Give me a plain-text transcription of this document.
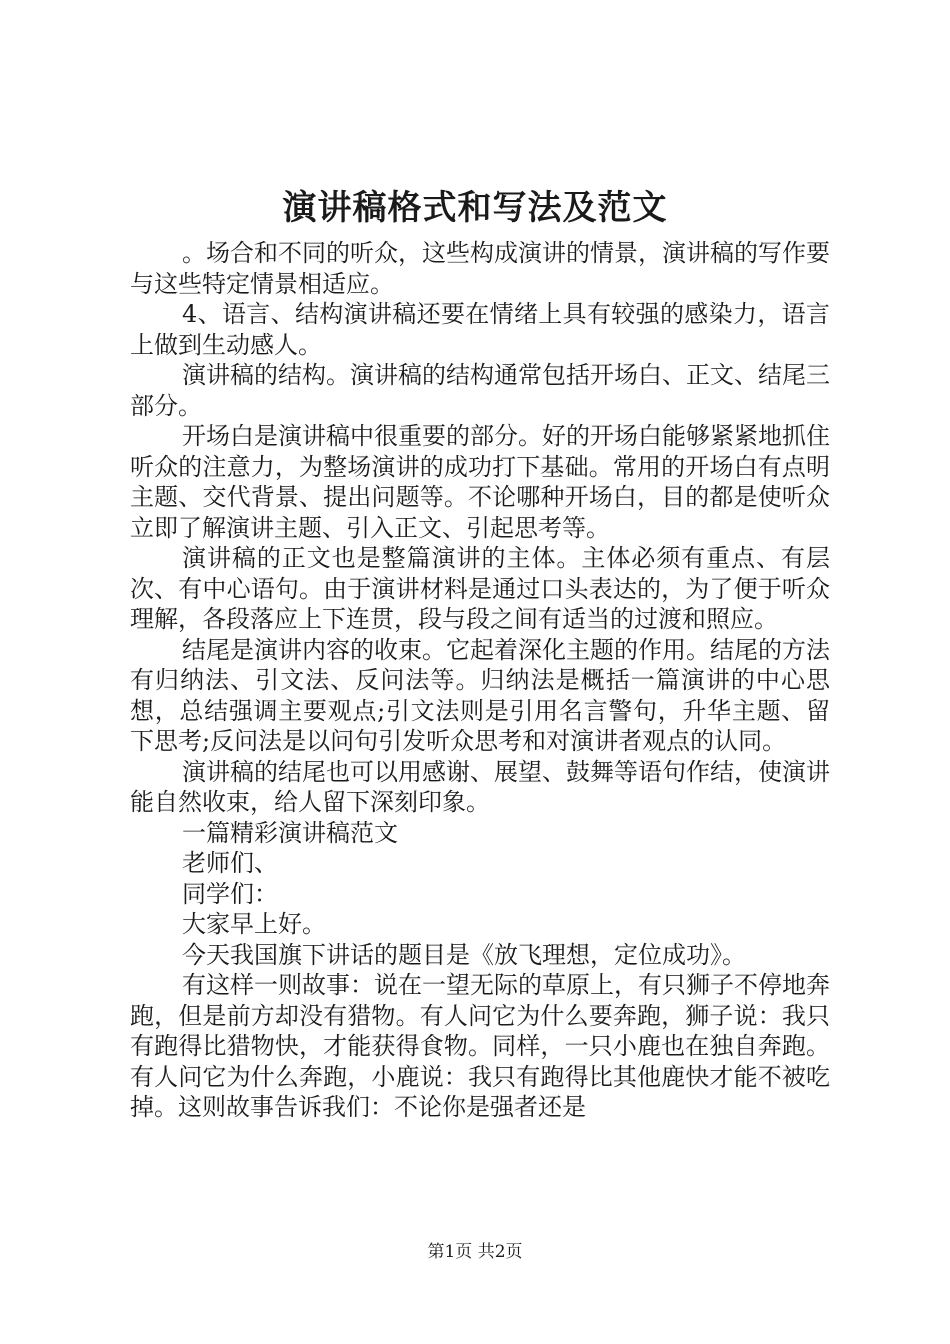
演讲稿格式和写法及范文

。场合和不同的听众，这些构成演讲的情景，演讲稿的写作要与这些特定情景相适应。

4、语言、结构演讲稿还要在情绪上具有较强的感染力，语言上做到生动感人。

演讲稿的结构。演讲稿的结构通常包括开场白、正文、结尾三部分。

开场白是演讲稿中很重要的部分。好的开场白能够紧紧地抓住听众的注意力，为整场演讲的成功打下基础。常用的开场白有点明主题、交代背景、提出问题等。不论哪种开场白，目的都是使听众立即了解演讲主题、引入正文、引起思考等。

演讲稿的正文也是整篇演讲的主体。主体必须有重点、有层次、有中心语句。由于演讲材料是通过口头表达的，为了便于听众理解，各段落应上下连贯，段与段之间有适当的过渡和照应。

结尾是演讲内容的收束。它起着深化主题的作用。结尾的方法有归纳法、引文法、反问法等。归纳法是概括一篇演讲的中心思想，总结强调主要观点;引文法则是引用名言警句，升华主题、留下思考;反问法是以问句引发听众思考和对演讲者观点的认同。

演讲稿的结尾也可以用感谢、展望、鼓舞等语句作结，使演讲能自然收束，给人留下深刻印象。

一篇精彩演讲稿范文

老师们、

同学们：

大家早上好。

今天我国旗下讲话的题目是《放飞理想，定位成功》。

有这样一则故事：说在一望无际的草原上，有只狮子不停地奔跑，但是前方却没有猎物。有人问它为什么要奔跑，狮子说：我只有跑得比猎物快，才能获得食物。同样，一只小鹿也在独自奔跑。有人问它为什么奔跑，小鹿说：我只有跑得比其他鹿快才能不被吃掉。这则故事告诉我们：不论你是强者还是

第1页 共2页
